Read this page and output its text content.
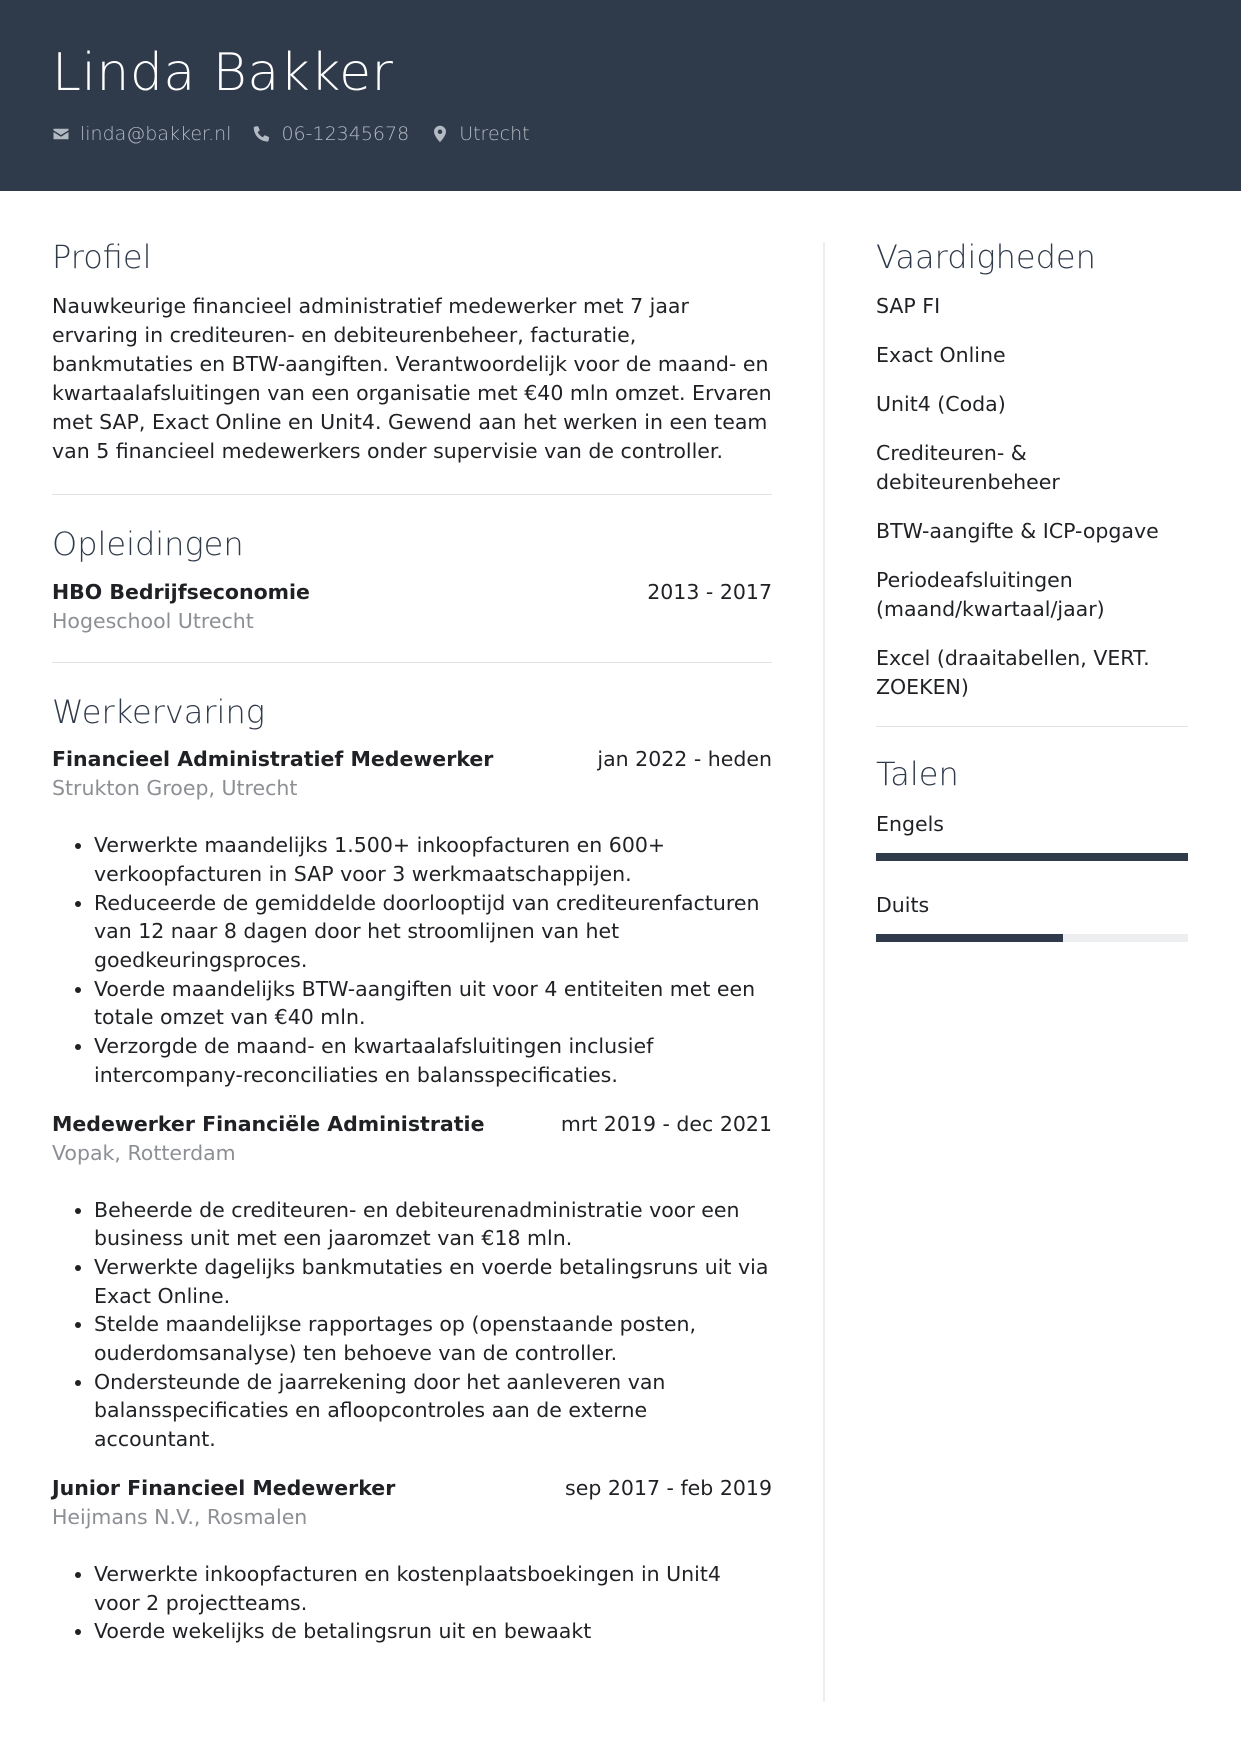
Linda Bakker
linda@bakker.nl	06-12345678	Utrecht
Profiel

Nauwkeurige financieel administratief medewerker met 7 jaar ervaring in crediteuren- en debiteurenbeheer, facturatie, bankmutaties en BTW-aangiften. Verantwoordelijk voor de maand- en kwartaalafsluitingen van een organisatie met €40 mln omzet. Ervaren met SAP, Exact Online en Unit4. Gewend aan het werken in een team van 5 financieel medewerkers onder supervisie van de controller.

Opleidingen
HBO Bedrijfseconomie	2013 - 2017
Hogeschool Utrecht
Werkervaring
Financieel Administratief Medewerker	jan 2022 - heden
Strukton Groep, Utrecht
• Verwerkte maandelijks 1.500+ inkoopfacturen en 600+ verkoopfacturen in SAP voor 3 werkmaatschappijen.
• Reduceerde de gemiddelde doorlooptijd van crediteurenfacturen van 12 naar 8 dagen door het stroomlijnen van het goedkeuringsproces.
• Voerde maandelijks BTW-aangiften uit voor 4 entiteiten met een totale omzet van €40 mln.
• Verzorgde de maand- en kwartaalafsluitingen inclusief intercompany-reconciliaties en balansspecificaties.
Medewerker Financiële Administratie	mrt 2019 - dec 2021
Vopak, Rotterdam
• Beheerde de crediteuren- en debiteurenadministratie voor een business unit met een jaaromzet van €18 mln.
• Verwerkte dagelijks bankmutaties en voerde betalingsruns uit via Exact Online.
• Stelde maandelijkse rapportages op (openstaande posten, ouderdomsanalyse) ten behoeve van de controller.
• Ondersteunde de jaarrekening door het aanleveren van balansspecificaties en afloopcontroles aan de externe accountant.
Junior Financieel Medewerker	sep 2017 - feb 2019
Heijmans N.V., Rosmalen
• Verwerkte inkoopfacturen en kostenplaatsboekingen in Unit4 voor 2 projectteams.
• Voerde wekelijks de betalingsrun uit en bewaakt
Vaardigheden
SAP FI
Exact Online
Unit4 (Coda)
Crediteuren- & debiteurenbeheer
BTW-aangifte & ICP-opgave
Periodeafsluitingen (maand/kwartaal/jaar)
Excel (draaitabellen, VERT. ZOEKEN)
Talen
Engels
Duits
